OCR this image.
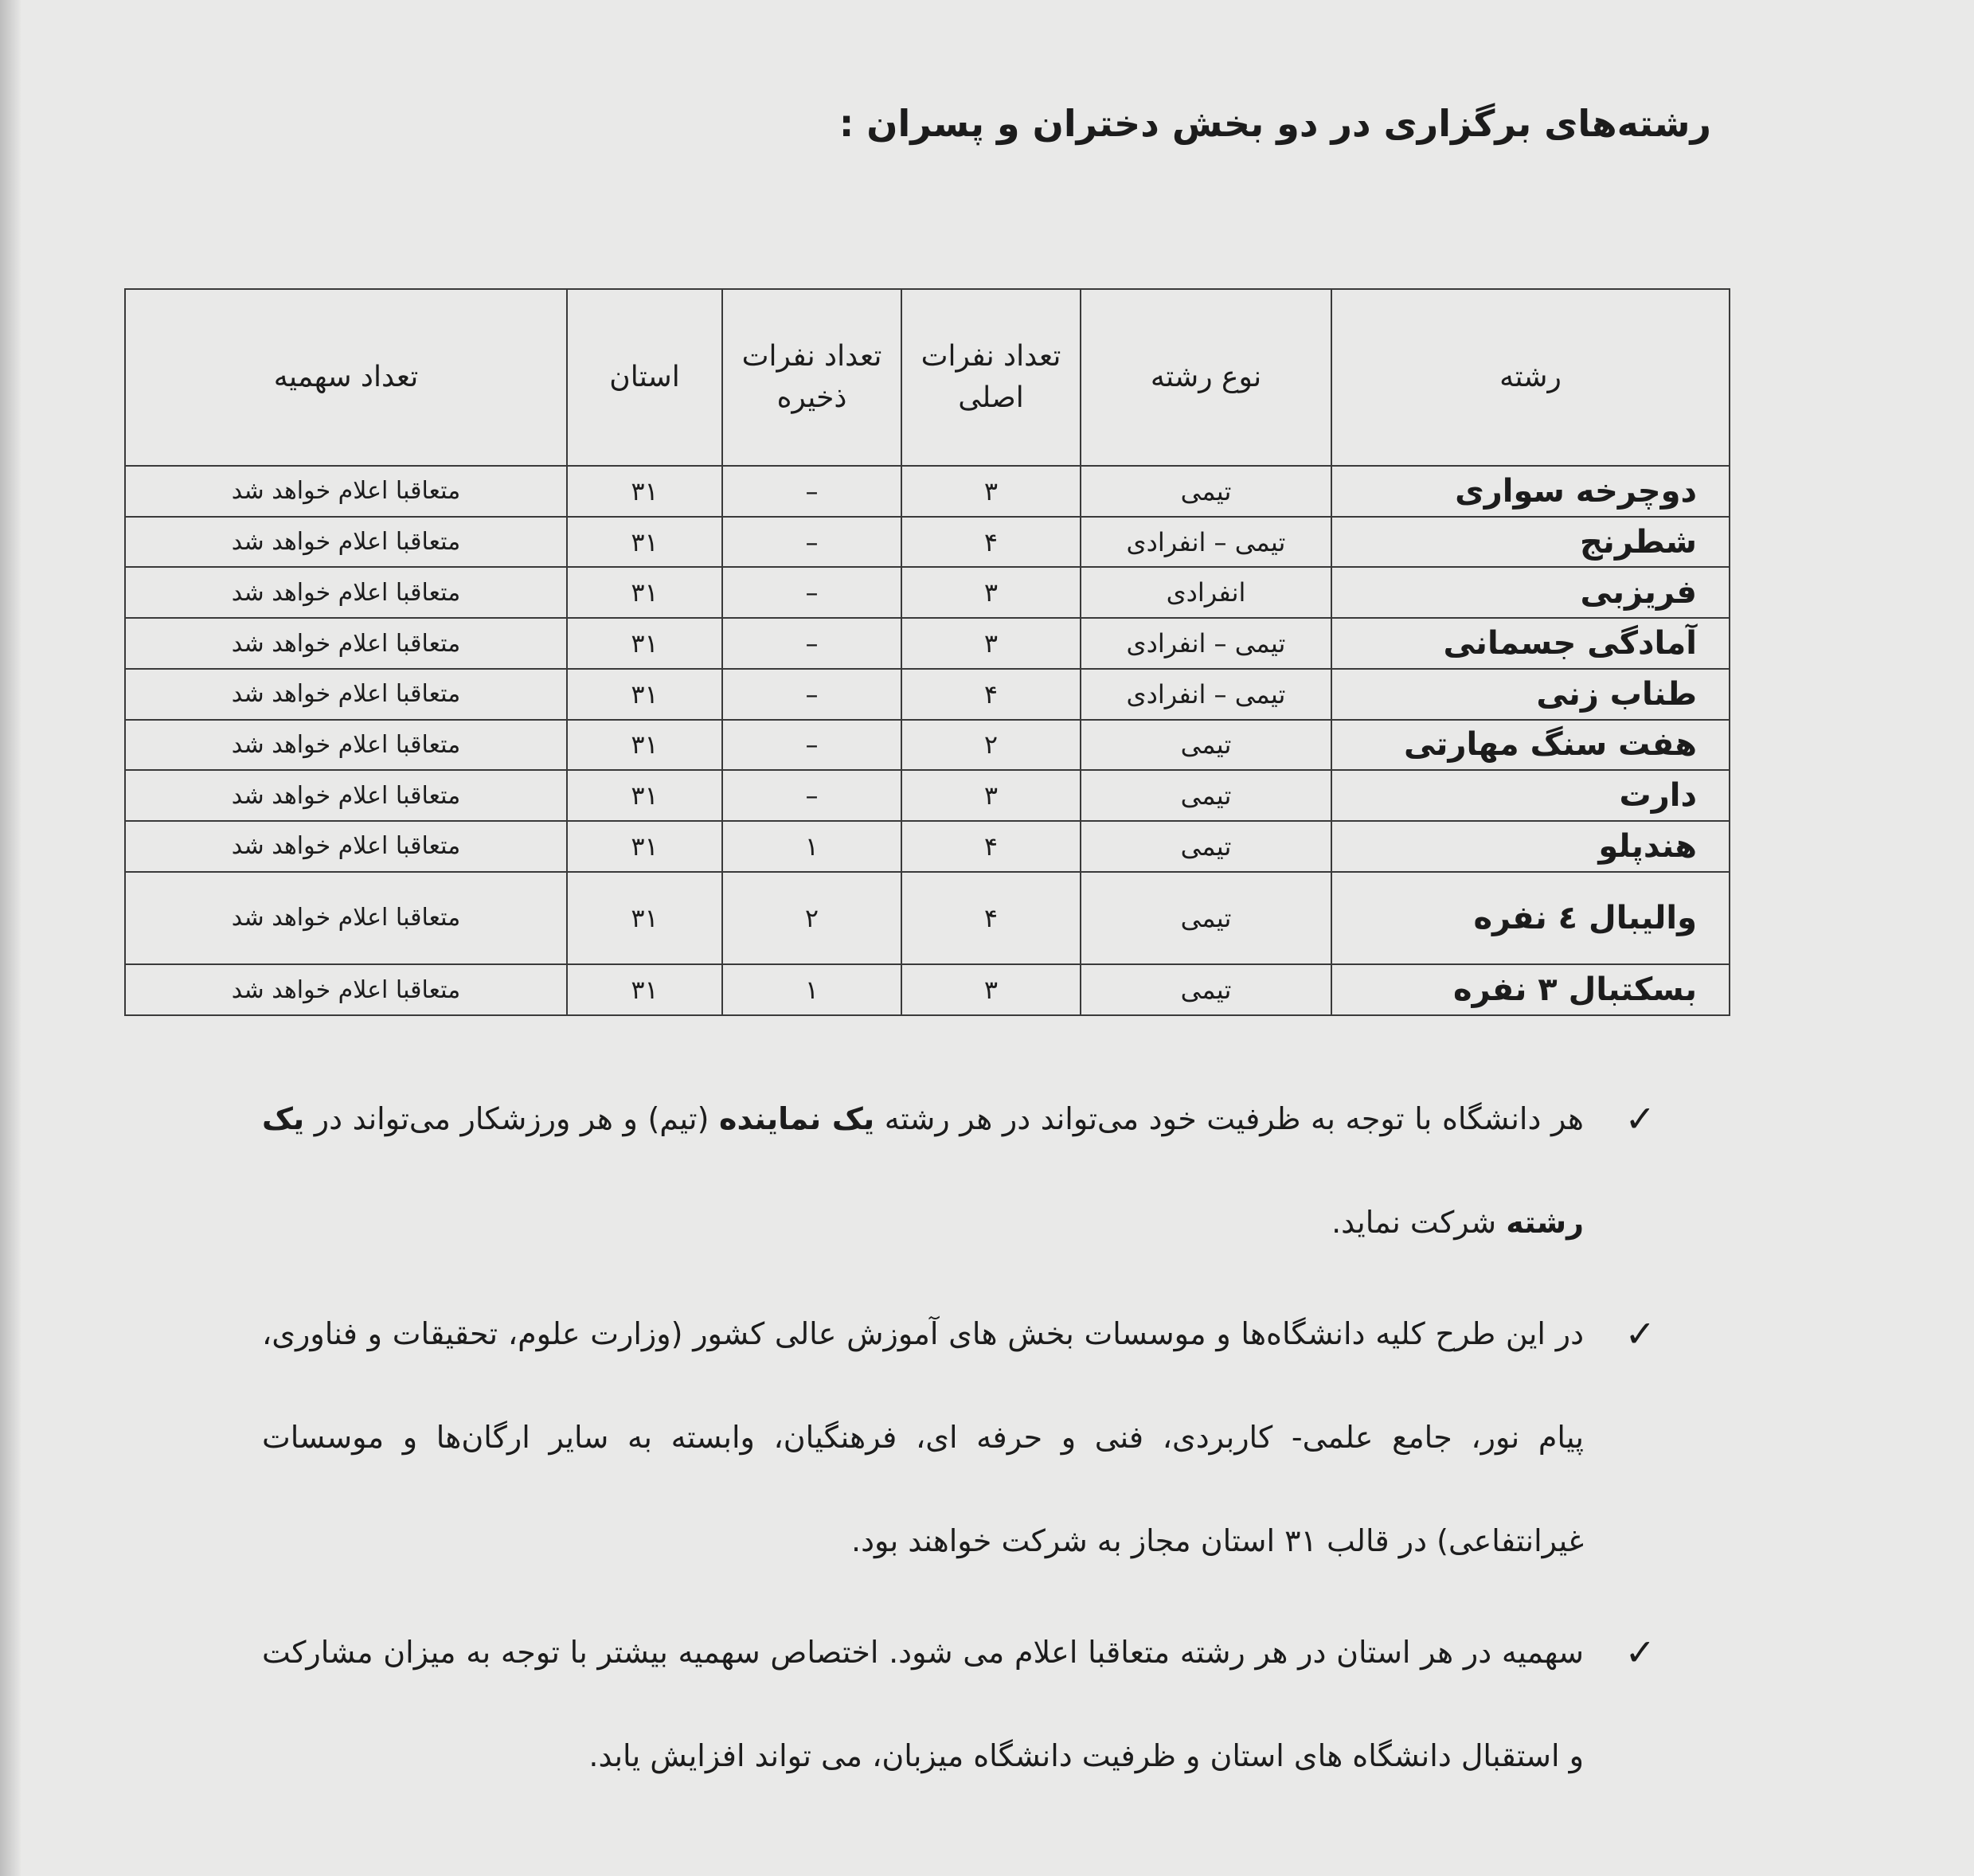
رشته‌های برگزاری در دو بخش دختران و پسران :
رشته	نوع رشته	تعداد نفرات اصلی	تعداد نفرات ذخیره	استان	تعداد سهمیه
دوچرخه سواری	تیمی	۳	–	۳۱	متعاقبا اعلام خواهد شد
شطرنج	تیمی – انفرادی	۴	–	۳۱	متعاقبا اعلام خواهد شد
فریزبی	انفرادی	۳	–	۳۱	متعاقبا اعلام خواهد شد
آمادگی جسمانی	تیمی – انفرادی	۳	–	۳۱	متعاقبا اعلام خواهد شد
طناب زنی	تیمی – انفرادی	۴	–	۳۱	متعاقبا اعلام خواهد شد
هفت سنگ مهارتی	تیمی	۲	–	۳۱	متعاقبا اعلام خواهد شد
دارت	تیمی	۳	–	۳۱	متعاقبا اعلام خواهد شد
هندپلو	تیمی	۴	۱	۳۱	متعاقبا اعلام خواهد شد
والیبال ٤ نفره	تیمی	۴	۲	۳۱	متعاقبا اعلام خواهد شد
بسکتبال ۳ نفره	تیمی	۳	۱	۳۱	متعاقبا اعلام خواهد شد
✓
هر دانشگاه با توجه به ظرفیت خود می‌تواند در هر رشته یک نماینده (تیم) و هر ورزشکار می‌تواند در یک رشته شرکت نماید.
✓
در این طرح کلیه دانشگاه‌ها و موسسات بخش های آموزش عالی کشور (وزارت علوم، تحقیقات و فناوری، پیام نور، جامع علمی- کاربردی، فنی و حرفه ای، فرهنگیان، وابسته به سایر ارگان‌ها و موسسات غیرانتفاعی) در قالب ۳۱ استان مجاز به شرکت خواهند بود.
✓
سهمیه در هر استان در هر رشته متعاقبا اعلام می شود. اختصاص سهمیه بیشتر با توجه به میزان مشارکت و استقبال دانشگاه های استان و ظرفیت دانشگاه میزبان، می تواند افزایش یابد.
